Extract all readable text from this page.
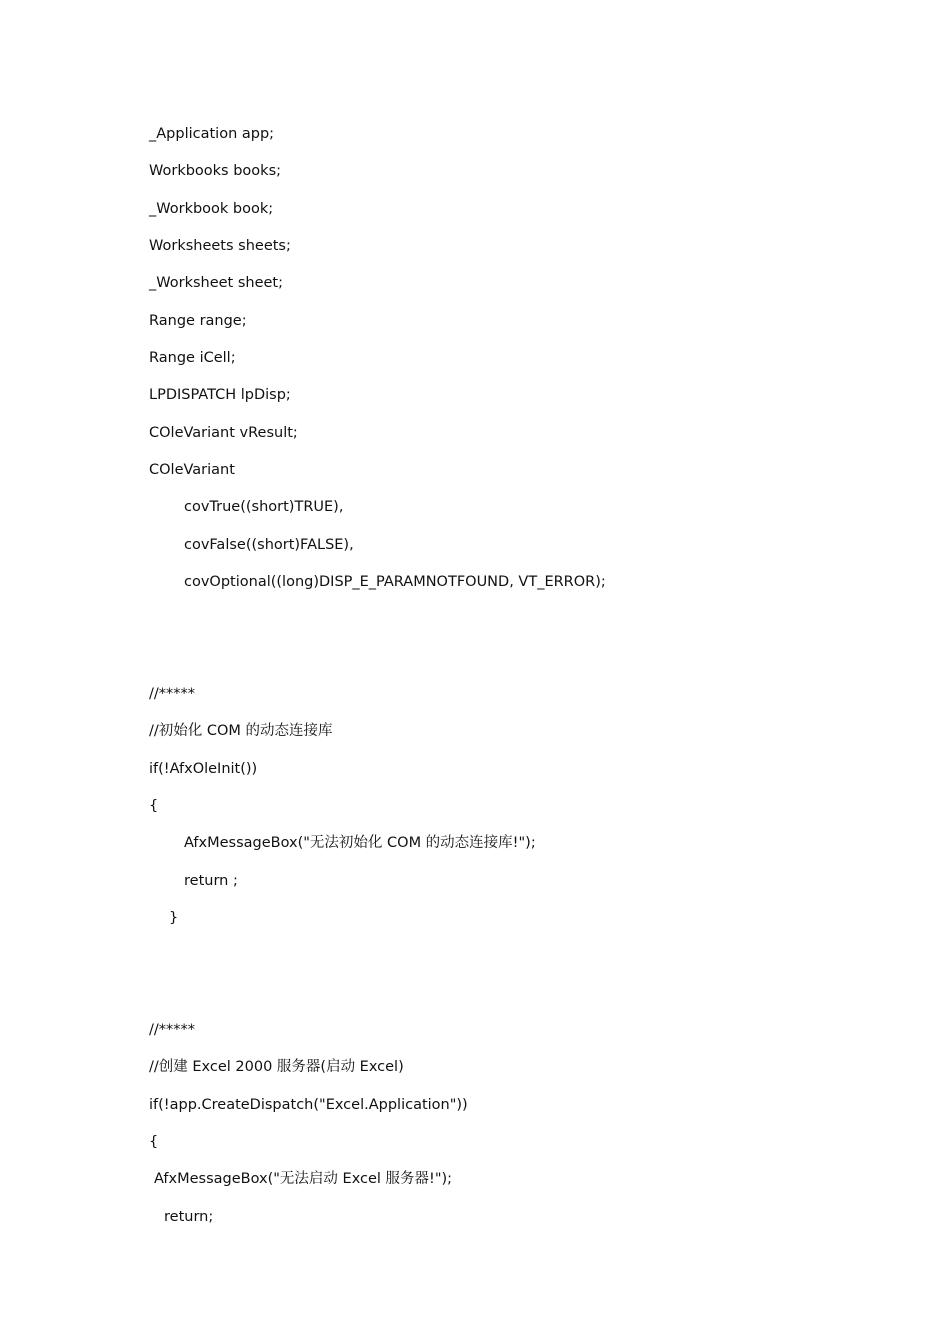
_Application app;
Workbooks books;
_Workbook book;
Worksheets sheets;
_Worksheet sheet;
Range range;
Range iCell;
LPDISPATCH lpDisp;
COleVariant vResult;
COleVariant
covTrue((short)TRUE),
covFalse((short)FALSE),
covOptional((long)DISP_E_PARAMNOTFOUND, VT_ERROR);
//*****
//初始化 COM 的动态连接库
if(!AfxOleInit())
{
AfxMessageBox("无法初始化 COM 的动态连接库!");
return ;
}
//*****
//创建 Excel 2000 服务器(启动 Excel)
if(!app.CreateDispatch("Excel.Application"))
{
AfxMessageBox("无法启动 Excel 服务器!");
return;
